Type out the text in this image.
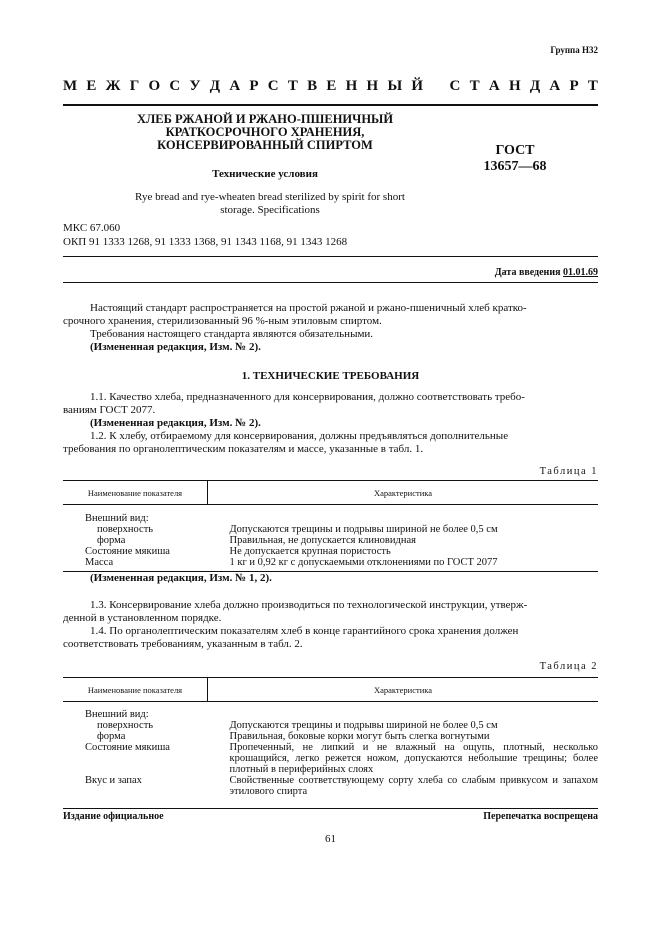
Группа Н32
М Е Ж Г О С У Д А Р С Т В Е Н Н Ы Й С Т А Н Д А Р Т
ХЛЕБ РЖАНОЙ И РЖАНО-ПШЕНИЧНЫЙ
КРАТКОСРОЧНОГО ХРАНЕНИЯ,
КОНСЕРВИРОВАННЫЙ СПИРТОМ	ГОСТ
13657—68
Технические условия
Rye bread and rye-wheaten bread sterilized by spirit for short
storage. Specifications
МКС 67.060
ОКП 91 1333 1268, 91 1333 1368, 91 1343 1168, 91 1343 1268
Дата введения 01.01.69
Настоящий стандарт распространяется на простой ржаной и ржано-пшеничный хлеб кратко-
срочного хранения, стерилизованный 96 %-ным этиловым спиртом.
Требования настоящего стандарта являются обязательными.
(Измененная редакция, Изм. № 2).
1. ТЕХНИЧЕСКИЕ ТРЕБОВАНИЯ
1.1. Качество хлеба, предназначенного для консервирования, должно соответствовать требо-
ваниям ГОСТ 2077.
(Измененная редакция, Изм. № 2).
1.2. К хлебу, отбираемому для консервирования, должны предъявляться дополнительные
требования по органолептическим показателям и массе, указанные в табл. 1.
Таблица 1
Наименование показателя	Характеристика

Внешний вид:	
поверхность	Допускаются трещины и подрывы шириной не более 0,5 см
форма	Правильная, не допускается клиновидная
Состояние мякиша	Не допускается крупная пористость
Масса	1 кг и 0,92 кг с допускаемыми отклонениями по ГОСТ 2077
(Измененная редакция, Изм. № 1, 2).
1.3. Консервирование хлеба должно производиться по технологической инструкции, утверж-
денной в установленном порядке.
1.4. По органолептическим показателям хлеб в конце гарантийного срока хранения должен
соответствовать требованиям, указанным в табл. 2.
Таблица 2
Наименование показателя	Характеристика

Внешний вид:	
поверхность	Допускаются трещины и подрывы шириной не более 0,5 см
форма	Правильная, боковые корки могут быть слегка вогнутыми
Состояние мякиша	Пропеченный, не липкий и не влажный на ощупь, плотный, несколько крошащийся, легко режется ножом, допускаются небольшие трещины; более плотный в периферийных слоях
Вкус и запах	Свойственные соответствующему сорту хлеба со слабым привкусом и запахом этилового спирта
Издание официальное	Перепечатка воспрещена
61
